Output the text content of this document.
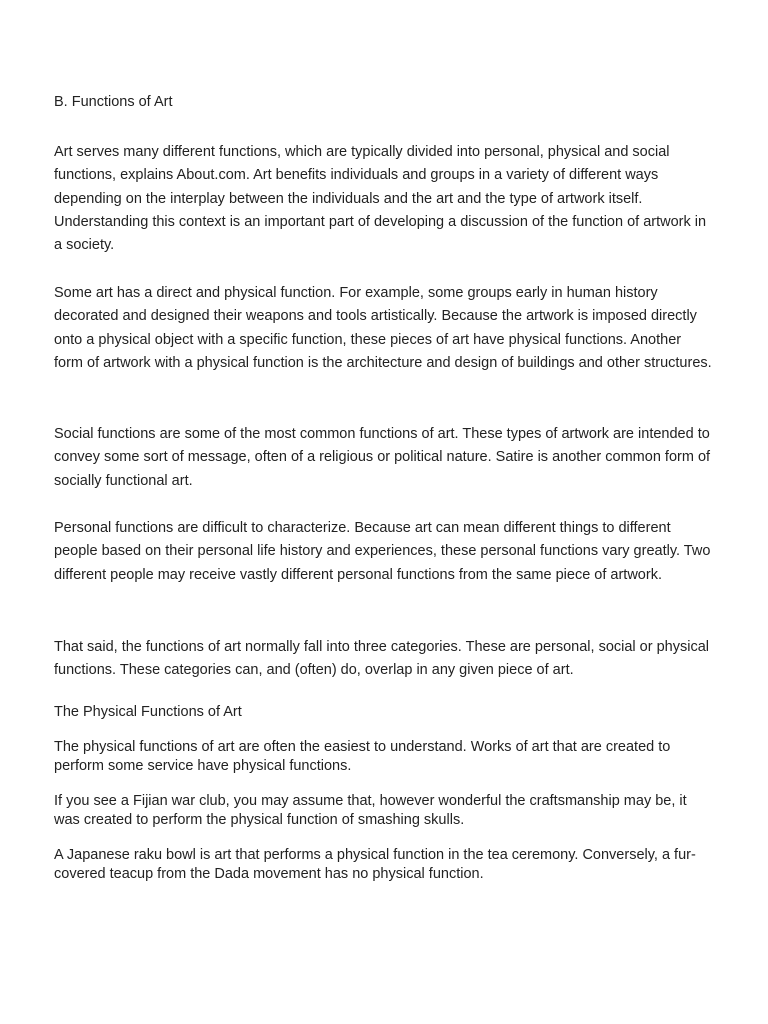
B. Functions of Art

Art serves many different functions, which are typically divided into personal, physical and social functions, explains About.com. Art benefits individuals and groups in a variety of different ways depending on the interplay between the individuals and the art and the type of artwork itself. Understanding this context is an important part of developing a discussion of the function of artwork in a society.

Some art has a direct and physical function. For example, some groups early in human history decorated and designed their weapons and tools artistically. Because the artwork is imposed directly onto a physical object with a specific function, these pieces of art have physical functions. Another form of artwork with a physical function is the architecture and design of buildings and other structures.

Social functions are some of the most common functions of art. These types of artwork are intended to convey some sort of message, often of a religious or political nature. Satire is another common form of socially functional art.

Personal functions are difficult to characterize. Because art can mean different things to different people based on their personal life history and experiences, these personal functions vary greatly. Two different people may receive vastly different personal functions from the same piece of artwork.

That said, the functions of art normally fall into three categories. These are personal, social or physical functions. These categories can, and (often) do, overlap in any given piece of art.

The Physical Functions of Art

The physical functions of art are often the easiest to understand. Works of art that are created to perform some service have physical functions.

If you see a Fijian war club, you may assume that, however wonderful the craftsmanship may be, it was created to perform the physical function of smashing skulls.

A Japanese raku bowl is art that performs a physical function in the tea ceremony. Conversely, a fur-covered teacup from the Dada movement has no physical function.
